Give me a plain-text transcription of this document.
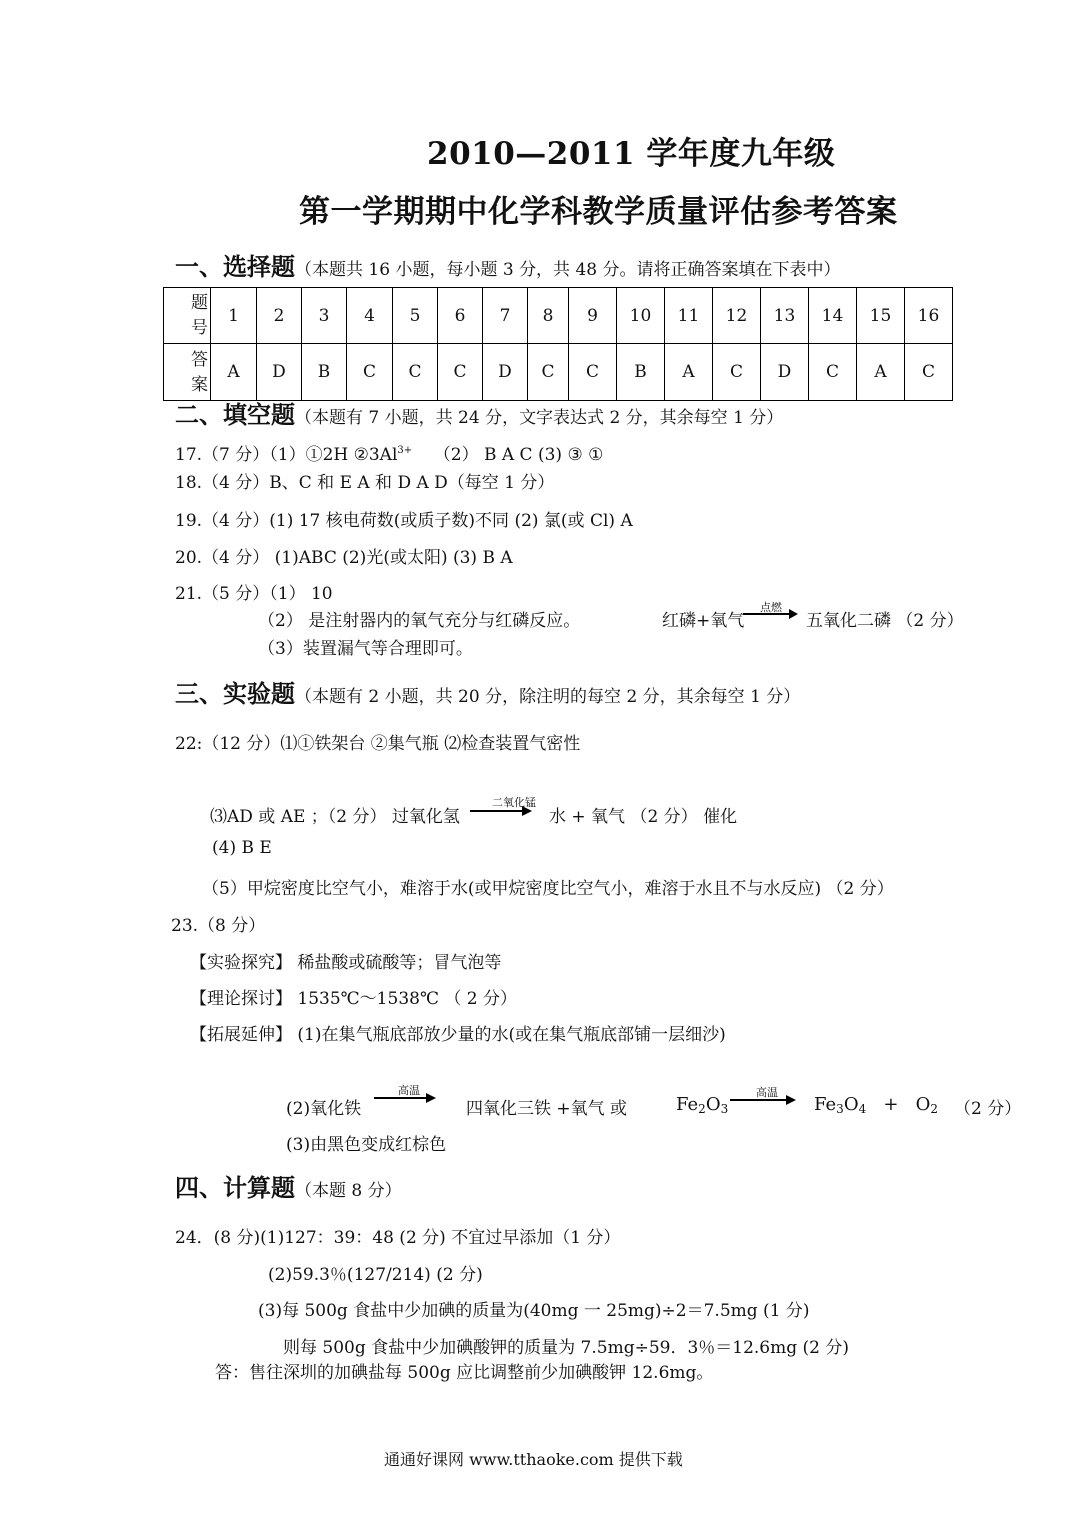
2010—2011 学年度九年级
第一学期期中化学科教学质量评估参考答案
一、选择题（本题共 16 小题，每小题 3 分，共 48 分。请将正确答案填在下表中）
题号	1	2	3	4	5	6	7	8	9	10	11	12	13	14	15	16
答案	A	D	B	C	C	C	D	C	C	B	A	C	D	C	A	C
二、填空题（本题有 7 小题，共 24 分，文字表达式 2 分，其余每空 1 分）
17.（7 分）（1）①2H $②3Al^{3+}$ （2） B A C (3) ③ ①
18.（4 分）B、C 和 E A 和 D A D（每空 1 分）
19.（4 分）(1) 17 核电荷数(或质子数)不同 (2) 氯(或 Cl) A
20.（4 分） (1)ABC (2)光(或太阳) (3) B A
21.（5 分）（1） 10
（2） 是注射器内的氧气充分与红磷反应。	红磷+氧气
点燃
五氧化二磷 （2 分）
（3）装置漏气等合理即可。
三、实验题（本题有 2 小题，共 20 分，除注明的每空 2 分，其余每空 1 分）
22:（12 分）⑴①铁架台 ②集气瓶 ⑵检查装置气密性
⑶AD 或 AE ；（2 分） 过氧化氢
二氧化锰
水 + 氧气 （2 分） 催化
(4) B E
（5）甲烷密度比空气小，难溶于水(或甲烷密度比空气小，难溶于水且不与水反应) （2 分）
23.（8 分）
【实验探究】 稀盐酸或硫酸等；冒气泡等
【理论探讨】 1535℃～1538℃ （ 2 分）
【拓展延伸】 (1)在集气瓶底部放少量的水(或在集气瓶底部铺一层细沙)
(2)氧化铁
高温
四氧化三铁 +氧气 或	$Fe_2O_3$
高温
$Fe_3O_4 + O_2$ （2 分）
(3)由黑色变成红棕色
四、计算题（本题 8 分）
24．(8 分)(1)127：39：48 (2 分) 不宜过早添加（1 分）
(2)59.3％(127/214) (2 分)
(3)每 500g 食盐中少加碘的质量为(40mg 一 25mg)÷2＝7.5mg (1 分)
则每 500g 食盐中少加碘酸钾的质量为 7.5mg÷59．3％＝12.6mg (2 分)
答：售往深圳的加碘盐每 500g 应比调整前少加碘酸钾 12.6mg。
通通好课网 www.tthaoke.com 提供下载
